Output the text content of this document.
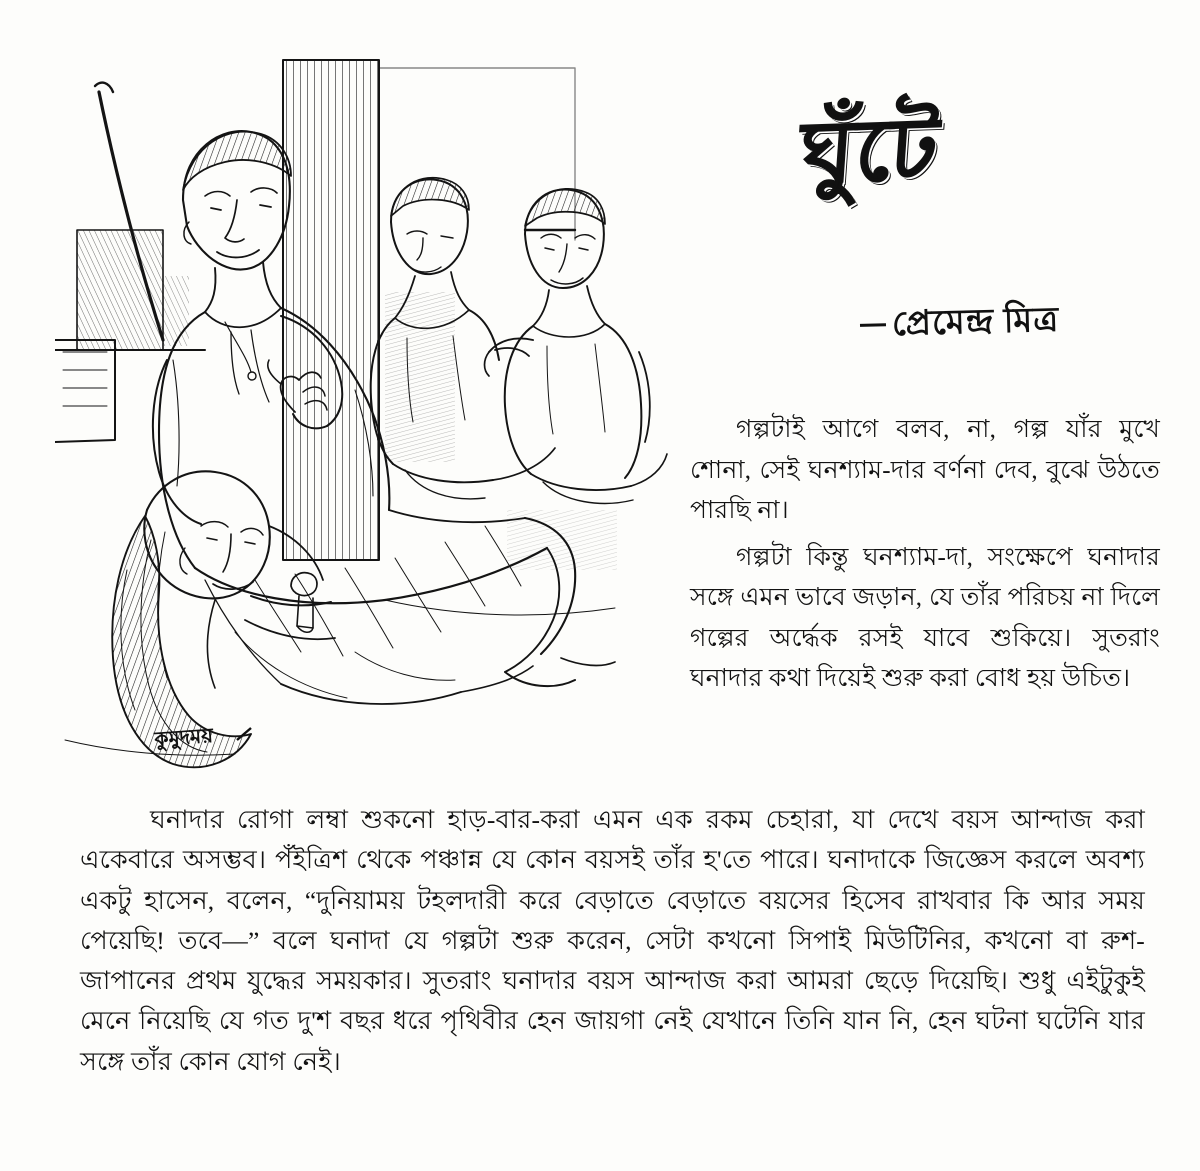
কুমুদময়
ঘুঁটে
প্রেমেন্দ্র মিত্র

গল্পটাই আগে বলব, না, গল্প যাঁর মুখে শোনা, সেই ঘনশ্যাম-দার বর্ণনা দেব, বুঝে উঠতে পারছি না।

গল্পটা কিন্তু ঘনশ্যাম-দা, সংক্ষেপে ঘনাদার সঙ্গে এমন ভাবে জড়ান, যে তাঁর পরিচয় না দিলে গল্পের অর্দ্ধেক রসই যাবে শুকিয়ে। সুতরাং ঘনাদার কথা দিয়েই শুরু করা বোধ হয় উচিত।

ঘনাদার রোগা লম্বা শুকনো হাড়-বার-করা এমন এক রকম চেহারা, যা দেখে বয়স আন্দাজ করা একেবারে অসম্ভব। পঁইত্রিশ থেকে পঞ্চান্ন যে কোন বয়সই তাঁর হ'তে পারে। ঘনাদাকে জিজ্ঞেস করলে অবশ্য একটু হাসেন, বলেন, “দুনিয়াময় টহলদারী করে বেড়াতে বেড়াতে বয়সের হিসেব রাখবার কি আর সময় পেয়েছি! তবে—” বলে ঘনাদা যে গল্পটা শুরু করেন, সেটা কখনো সিপাই মিউটিনির, কখনো বা রুশ-জাপানের প্রথম যুদ্ধের সময়কার। সুতরাং ঘনাদার বয়স আন্দাজ করা আমরা ছেড়ে দিয়েছি। শুধু এইটুকুই মেনে নিয়েছি যে গত দু'শ বছর ধরে পৃথিবীর হেন জায়গা নেই যেখানে তিনি যান নি, হেন ঘটনা ঘটেনি যার সঙ্গে তাঁর কোন যোগ নেই।
